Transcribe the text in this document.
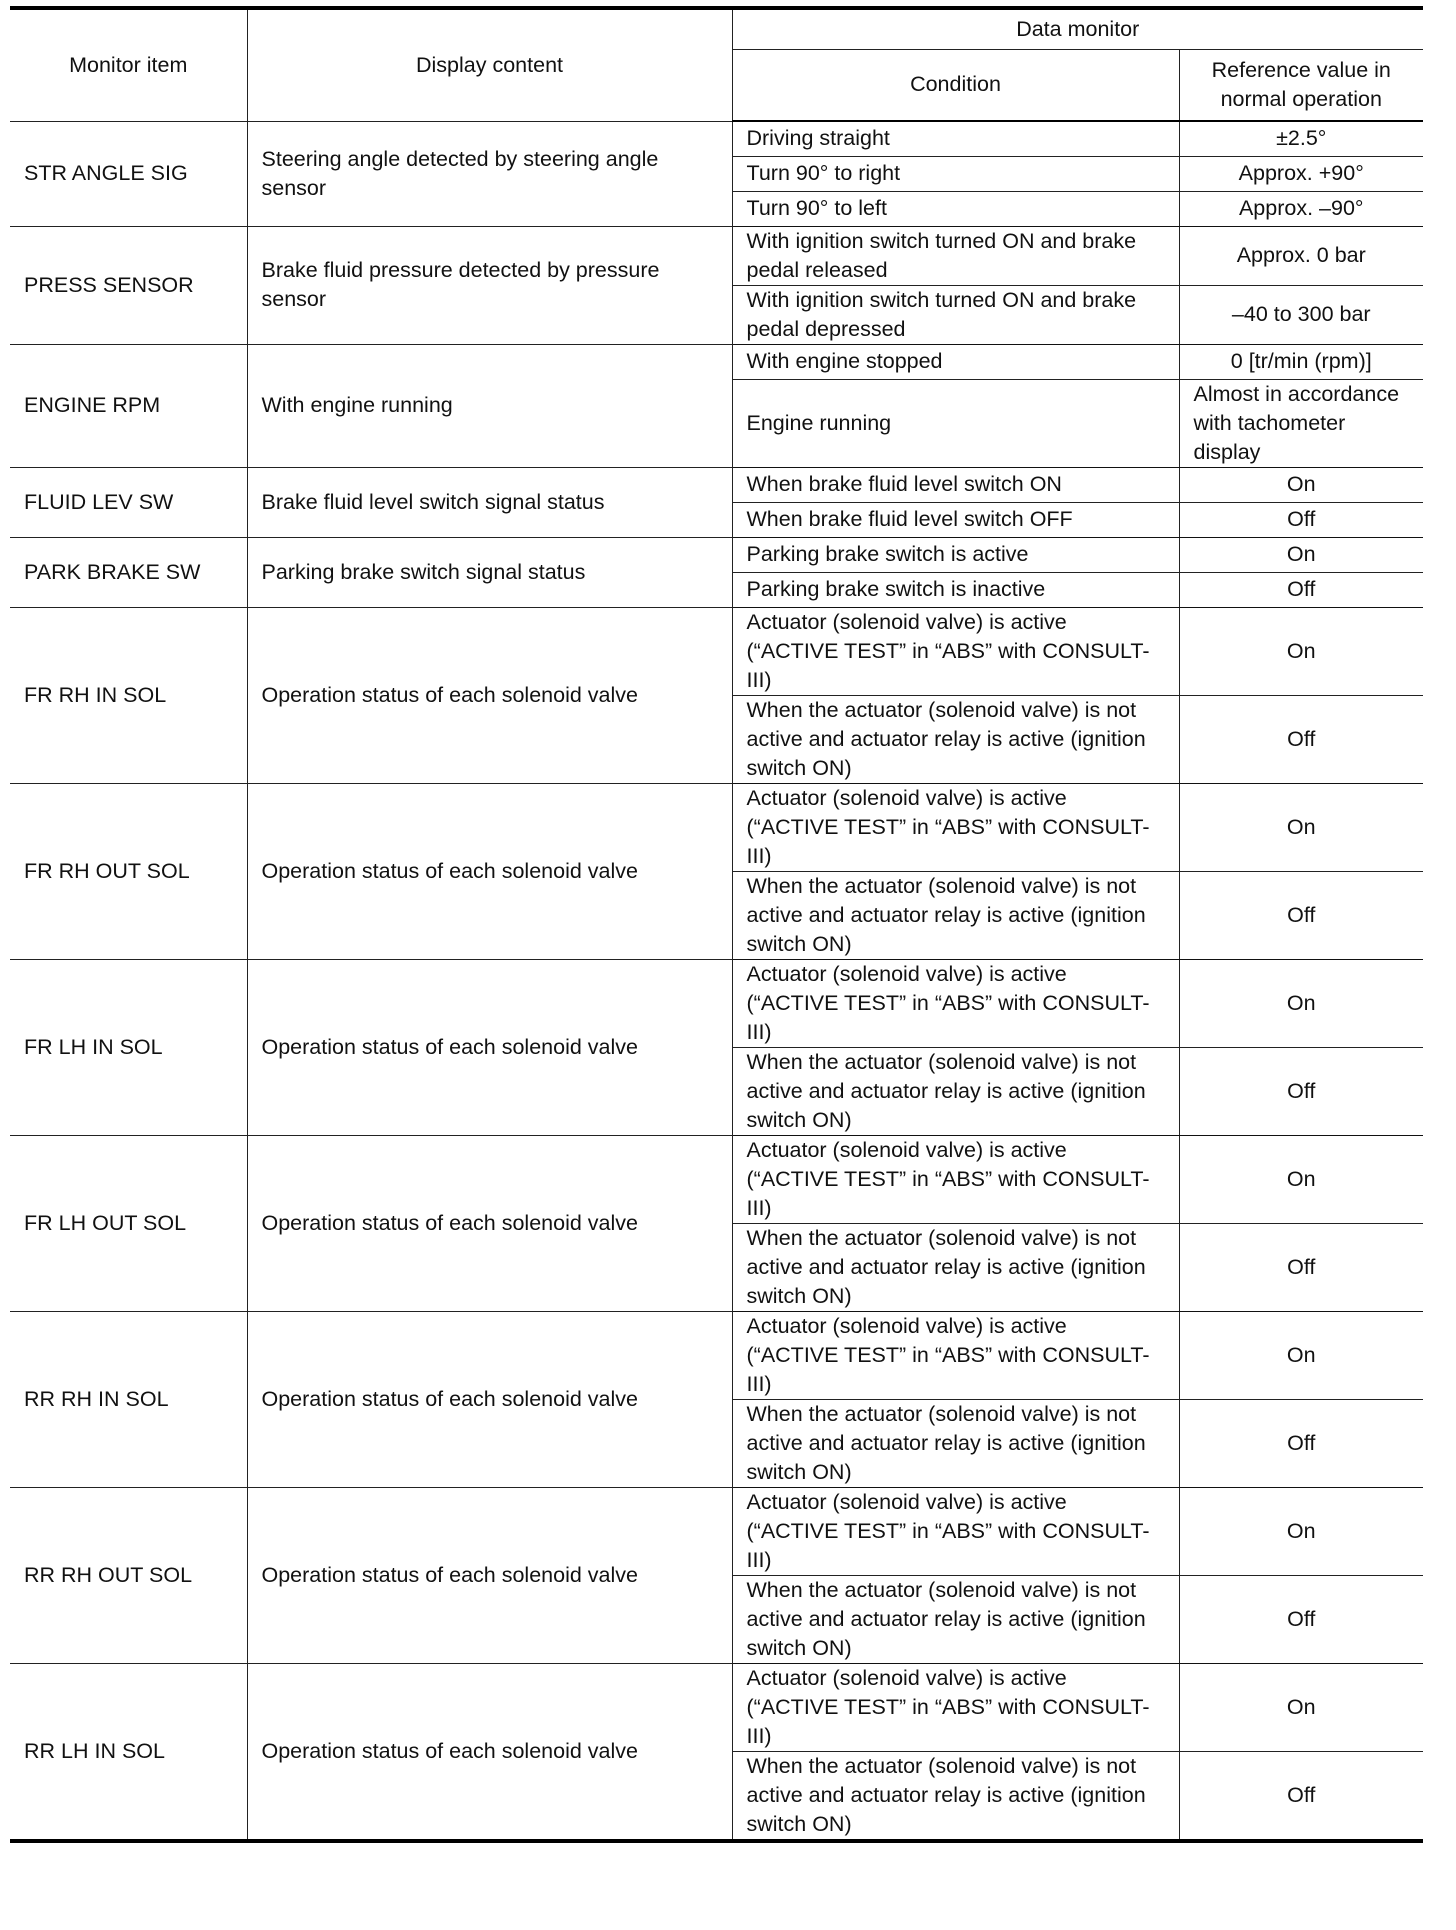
Monitor item	Display content	Data monitor	
		Condition	Reference value in normal operation
STR ANGLE SIG	Steering angle detected by steering angle sensor	Driving straight	±2.5°
		Turn 90° to right	Approx. +90°
		Turn 90° to left	Approx. –90°
PRESS SENSOR	Brake fluid pressure detected by pressure sensor	With ignition switch turned ON and brake pedal released	Approx. 0 bar
		With ignition switch turned ON and brake pedal depressed	–40 to 300 bar
ENGINE RPM	With engine running	With engine stopped	0 [tr/min (rpm)]
		Engine running	Almost in accordance with tachometer display
FLUID LEV SW	Brake fluid level switch signal status	When brake fluid level switch ON	On
		When brake fluid level switch OFF	Off
PARK BRAKE SW	Parking brake switch signal status	Parking brake switch is active	On
		Parking brake switch is inactive	Off
FR RH IN SOL	Operation status of each solenoid valve	Actuator (solenoid valve) is active (“ACTIVE TEST” in “ABS” with CONSULT-III)	On
		When the actuator (solenoid valve) is not active and actuator relay is active (ignition switch ON)	Off
FR RH OUT SOL	Operation status of each solenoid valve	Actuator (solenoid valve) is active (“ACTIVE TEST” in “ABS” with CONSULT-III)	On
		When the actuator (solenoid valve) is not active and actuator relay is active (ignition switch ON)	Off
FR LH IN SOL	Operation status of each solenoid valve	Actuator (solenoid valve) is active (“ACTIVE TEST” in “ABS” with CONSULT-III)	On
		When the actuator (solenoid valve) is not active and actuator relay is active (ignition switch ON)	Off
FR LH OUT SOL	Operation status of each solenoid valve	Actuator (solenoid valve) is active (“ACTIVE TEST” in “ABS” with CONSULT-III)	On
		When the actuator (solenoid valve) is not active and actuator relay is active (ignition switch ON)	Off
RR RH IN SOL	Operation status of each solenoid valve	Actuator (solenoid valve) is active (“ACTIVE TEST” in “ABS” with CONSULT-III)	On
		When the actuator (solenoid valve) is not active and actuator relay is active (ignition switch ON)	Off
RR RH OUT SOL	Operation status of each solenoid valve	Actuator (solenoid valve) is active (“ACTIVE TEST” in “ABS” with CONSULT-III)	On
		When the actuator (solenoid valve) is not active and actuator relay is active (ignition switch ON)	Off
RR LH IN SOL	Operation status of each solenoid valve	Actuator (solenoid valve) is active (“ACTIVE TEST” in “ABS” with CONSULT-III)	On
		When the actuator (solenoid valve) is not active and actuator relay is active (ignition switch ON)	Off
